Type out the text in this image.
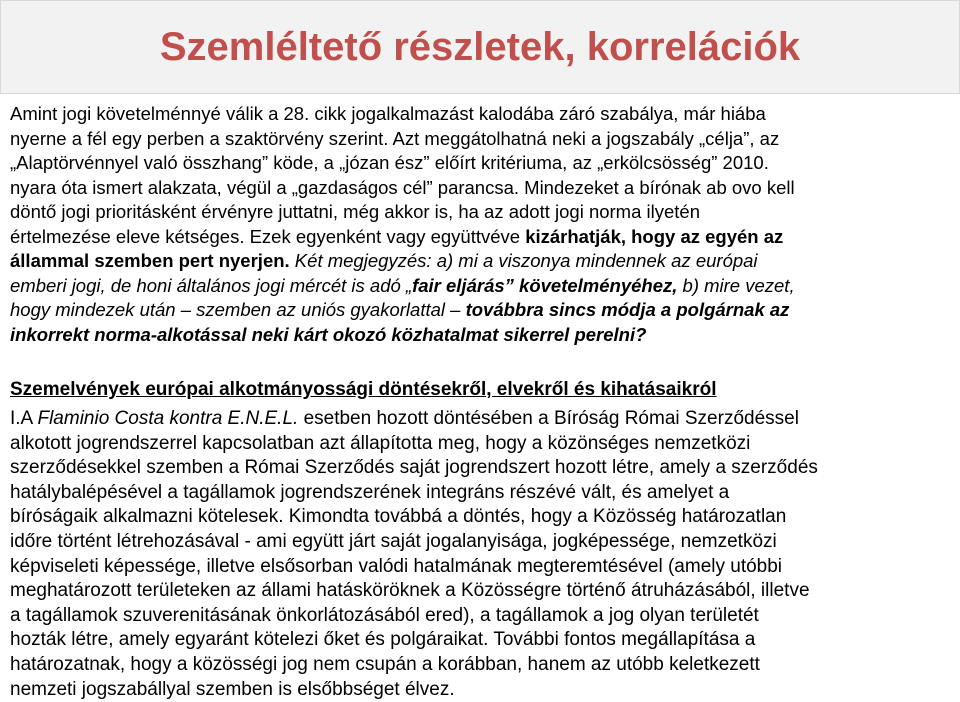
Szemléltető részletek, korrelációk
Amint jogi követelménnyé válik a 28. cikk jogalkalmazást kalodába záró szabálya, már hiába
nyerne a fél egy perben a szaktörvény szerint. Azt meggátolhatná neki a jogszabály „célja”, az
„Alaptörvénnyel való összhang” köde, a „józan ész” előírt kritériuma, az „erkölcsösség” 2010.
nyara óta ismert alakzata, végül a „gazdaságos cél” parancsa. Mindezeket a bírónak ab ovo kell
döntő jogi prioritásként érvényre juttatni, még akkor is, ha az adott jogi norma ilyetén
értelmezése eleve kétséges. Ezek egyenként vagy együttvéve kizárhatják, hogy az egyén az
állammal szemben pert nyerjen. Két megjegyzés: a) mi a viszonya mindennek az európai
emberi jogi, de honi általános jogi mércét is adó „fair eljárás” követelményéhez, b) mire vezet,
hogy mindezek után – szemben az uniós gyakorlattal – továbbra sincs módja a polgárnak az
inkorrekt norma-alkotással neki kárt okozó közhatalmat sikerrel perelni?
Szemelvények európai alkotmányossági döntésekről, elvekről és kihatásaikról
I.A Flaminio Costa kontra E.N.E.L. esetben hozott döntésében a Bíróság Római Szerződéssel
alkotott jogrendszerrel kapcsolatban azt állapította meg, hogy a közönséges nemzetközi
szerződésekkel szemben a Római Szerződés saját jogrendszert hozott létre, amely a szerződés
hatálybalépésével a tagállamok jogrendszerének integráns részévé vált, és amelyet a
bíróságaik alkalmazni kötelesek. Kimondta továbbá a döntés, hogy a Közösség határozatlan
időre történt létrehozásával - ami együtt járt saját jogalanyisága, jogképessége, nemzetközi
képviseleti képessége, illetve elsősorban valódi hatalmának megteremtésével (amely utóbbi
meghatározott területeken az állami hatásköröknek a Közösségre történő átruházásából, illetve
a tagállamok szuverenitásának önkorlátozásából ered), a tagállamok a jog olyan területét
hozták létre, amely egyaránt kötelezi őket és polgáraikat. További fontos megállapítása a
határozatnak, hogy a közösségi jog nem csupán a korábban, hanem az utóbb keletkezett
nemzeti jogszabállyal szemben is elsőbbséget élvez.
